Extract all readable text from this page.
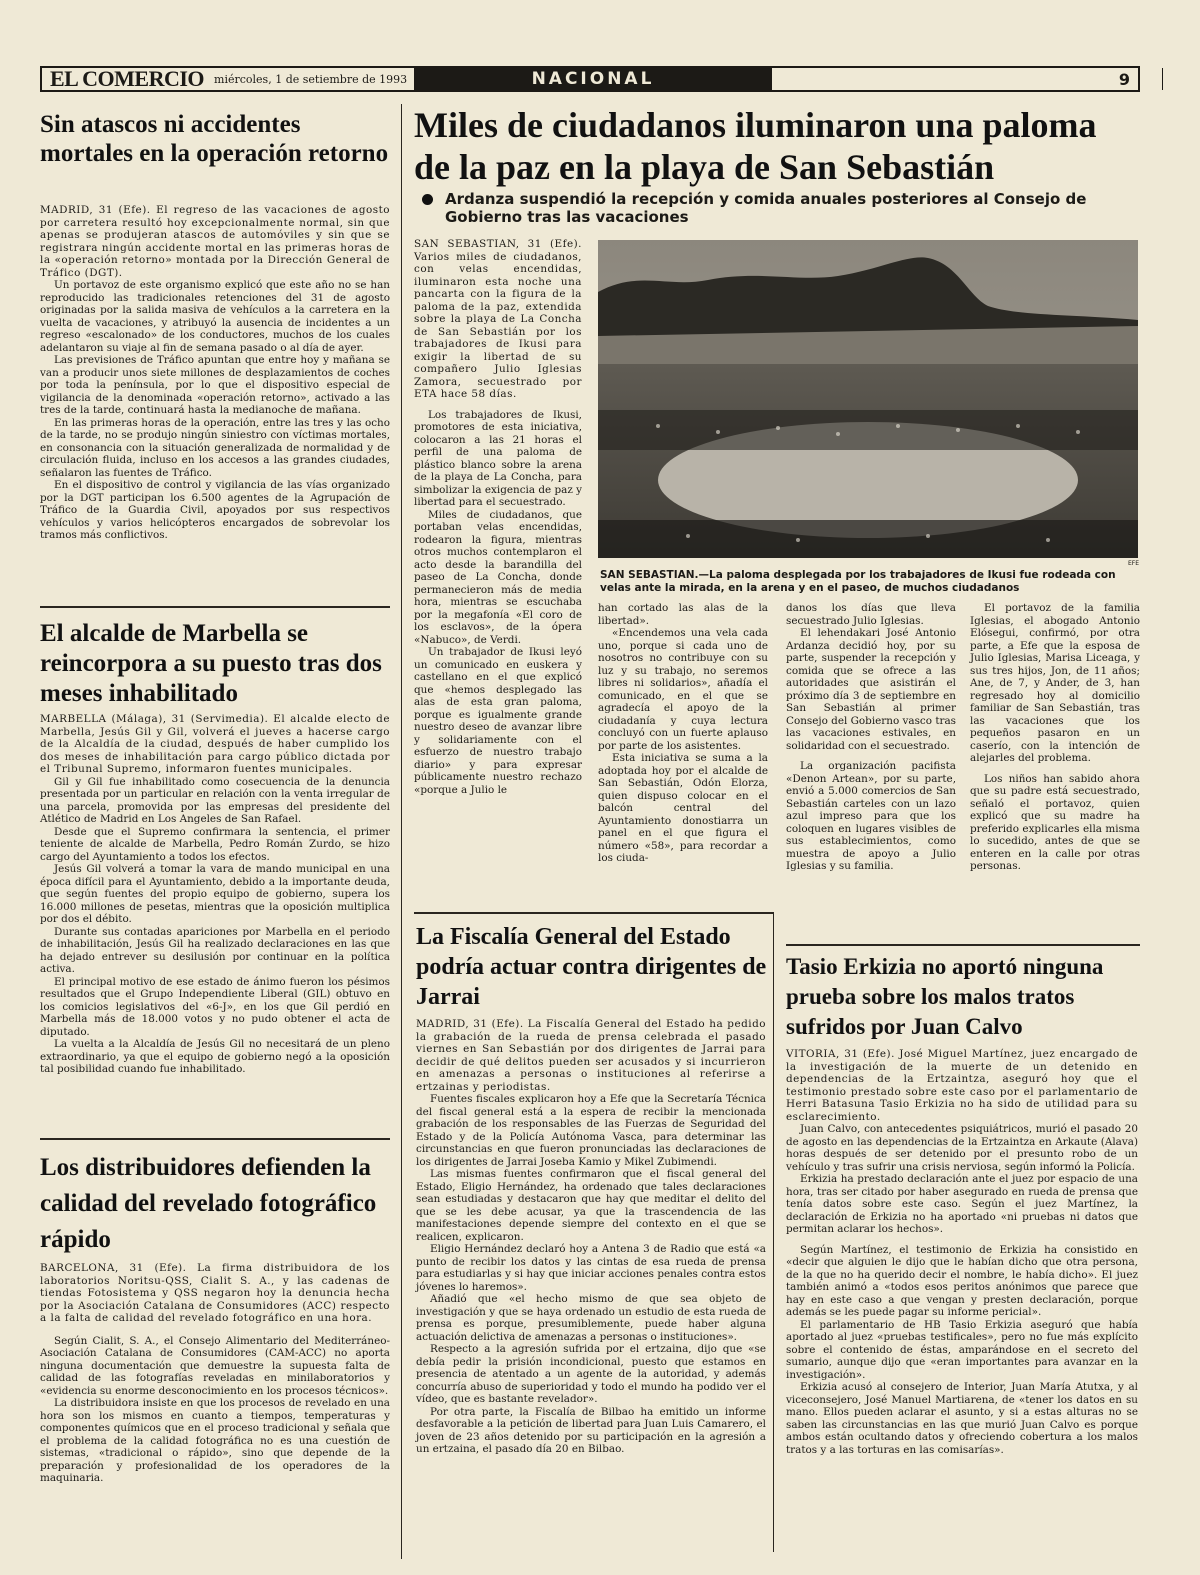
EL COMERCIO miércoles, 1 de setiembre de 1993	NACIONAL	9
Sin atascos ni accidentes mortales en la operación retorno

MADRID, 31 (Efe). El regreso de las vacaciones de agosto por carretera resultó hoy excepcionalmente normal, sin que apenas se produjeran atascos de automóviles y sin que se registrara ningún accidente mortal en las primeras horas de la «operación retorno» montada por la Dirección General de Tráfico (DGT).

Un portavoz de este organismo explicó que este año no se han reproducido las tradicionales retenciones del 31 de agosto originadas por la salida masiva de vehículos a la carretera en la vuelta de vacaciones, y atribuyó la ausencia de incidentes a un regreso «escalonado» de los conductores, muchos de los cuales adelantaron su viaje al fin de semana pasado o al día de ayer.

Las previsiones de Tráfico apuntan que entre hoy y mañana se van a producir unos siete millones de desplazamientos de coches por toda la península, por lo que el dispositivo especial de vigilancia de la denominada «operación retorno», activado a las tres de la tarde, continuará hasta la medianoche de mañana.

En las primeras horas de la operación, entre las tres y las ocho de la tarde, no se produjo ningún siniestro con víctimas mortales, en consonancia con la situación generalizada de normalidad y de circulación fluida, incluso en los accesos a las grandes ciudades, señalaron las fuentes de Tráfico.

En el dispositivo de control y vigilancia de las vías organizado por la DGT participan los 6.500 agentes de la Agrupación de Tráfico de la Guardia Civil, apoyados por sus respectivos vehículos y varios helicópteros encargados de sobrevolar los tramos más conflictivos.

El alcalde de Marbella se reincorpora a su puesto tras dos meses inhabilitado

MARBELLA (Málaga), 31 (Servimedia). El alcalde electo de Marbella, Jesús Gil y Gil, volverá el jueves a hacerse cargo de la Alcaldía de la ciudad, después de haber cumplido los dos meses de inhabilitación para cargo público dictada por el Tribunal Supremo, informaron fuentes municipales.

Gil y Gil fue inhabilitado como cosecuencia de la denuncia presentada por un particular en relación con la venta irregular de una parcela, promovida por las empresas del presidente del Atlético de Madrid en Los Angeles de San Rafael.

Desde que el Supremo confirmara la sentencia, el primer teniente de alcalde de Marbella, Pedro Román Zurdo, se hizo cargo del Ayuntamiento a todos los efectos.

Jesús Gil volverá a tomar la vara de mando municipal en una época difícil para el Ayuntamiento, debido a la importante deuda, que según fuentes del propio equipo de gobierno, supera los 16.000 millones de pesetas, mientras que la oposición multiplica por dos el débito.

Durante sus contadas apariciones por Marbella en el periodo de inhabilitación, Jesús Gil ha realizado declaraciones en las que ha dejado entrever su desilusión por continuar en la política activa.

El principal motivo de ese estado de ánimo fueron los pésimos resultados que el Grupo Independiente Liberal (GIL) obtuvo en los comicios legislativos del «6-J», en los que Gil perdió en Marbella más de 18.000 votos y no pudo obtener el acta de diputado.

La vuelta a la Alcaldía de Jesús Gil no necesitará de un pleno extraordinario, ya que el equipo de gobierno negó a la oposición tal posibilidad cuando fue inhabilitado.

Los distribuidores defienden la calidad del revelado fotográfico rápido

BARCELONA, 31 (Efe). La firma distribuidora de los laboratorios Noritsu-QSS, Cialit S. A., y las cadenas de tiendas Fotosistema y QSS negaron hoy la denuncia hecha por la Asociación Catalana de Consumidores (ACC) respecto a la falta de calidad del revelado fotográfico en una hora.

Según Cialit, S. A., el Consejo Alimentario del Mediterráneo-Asociación Catalana de Consumidores (CAM-ACC) no aporta ninguna documentación que demuestre la supuesta falta de calidad de las fotografías reveladas en minilaboratorios y «evidencia su enorme desconocimiento en los procesos técnicos».

La distribuidora insiste en que los procesos de revelado en una hora son los mismos en cuanto a tiempos, temperaturas y componentes químicos que en el proceso tradicional y señala que el problema de la calidad fotográfica no es una cuestión de sistemas, «tradicional o rápido», sino que depende de la preparación y profesionalidad de los operadores de la maquinaria.

Miles de ciudadanos iluminaron una paloma de la paz en la playa de San Sebastián
Ardanza suspendió la recepción y comida anuales posteriores al Consejo de Gobierno tras las vacaciones

SAN SEBASTIAN, 31 (Efe). Varios miles de ciudadanos, con velas encendidas, iluminaron esta noche una pancarta con la figura de la paloma de la paz, extendida sobre la playa de La Concha de San Sebastián por los trabajadores de Ikusi para exigir la libertad de su compañero Julio Iglesias Zamora, secuestrado por ETA hace 58 días.

Los trabajadores de Ikusi, promotores de esta iniciativa, colocaron a las 21 horas el perfil de una paloma de plástico blanco sobre la arena de la playa de La Concha, para simbolizar la exigencia de paz y libertad para el secuestrado.

Miles de ciudadanos, que portaban velas encendidas, rodearon la figura, mientras otros muchos contemplaron el acto desde la barandilla del paseo de La Concha, donde permanecieron más de media hora, mientras se escuchaba por la megafonía «El coro de los esclavos», de la ópera «Nabuco», de Verdi.

Un trabajador de Ikusi leyó un comunicado en euskera y castellano en el que explicó que «hemos desplegado las alas de esta gran paloma, porque es igualmente grande nuestro deseo de avanzar libre y solidariamente con el esfuerzo de nuestro trabajo diario» y para expresar públicamente nuestro rechazo «porque a Julio le

EFE
SAN SEBASTIAN.—La paloma desplegada por los trabajadores de Ikusi fue rodeada con velas ante la mirada, en la arena y en el paseo, de muchos ciudadanos

han cortado las alas de la libertad».

«Encendemos una vela cada uno, porque si cada uno de nosotros no contribuye con su luz y su trabajo, no seremos libres ni solidarios», añadía el comunicado, en el que se agradecía el apoyo de la ciudadanía y cuya lectura concluyó con un fuerte aplauso por parte de los asistentes.

Esta iniciativa se suma a la adoptada hoy por el alcalde de San Sebastián, Odón Elorza, quien dispuso colocar en el balcón central del Ayuntamiento donostiarra un panel en el que figura el número «58», para recordar a los ciuda-

danos los días que lleva secuestrado Julio Iglesias.

El lehendakari José Antonio Ardanza decidió hoy, por su parte, suspender la recepción y comida que se ofrece a las autoridades que asistirán el próximo día 3 de septiembre en San Sebastián al primer Consejo del Gobierno vasco tras las vacaciones estivales, en solidaridad con el secuestrado.

La organización pacifista «Denon Artean», por su parte, envió a 5.000 comercios de San Sebastián carteles con un lazo azul impreso para que los coloquen en lugares visibles de sus establecimientos, como muestra de apoyo a Julio Iglesias y su familia.

El portavoz de la familia Iglesias, el abogado Antonio Elósegui, confirmó, por otra parte, a Efe que la esposa de Julio Iglesias, Marisa Liceaga, y sus tres hijos, Jon, de 11 años; Ane, de 7, y Ander, de 3, han regresado hoy al domicilio familiar de San Sebastián, tras las vacaciones que los pequeños pasaron en un caserío, con la intención de alejarles del problema.

Los niños han sabido ahora que su padre está secuestrado, señaló el portavoz, quien explicó que su madre ha preferido explicarles ella misma lo sucedido, antes de que se enteren en la calle por otras personas.

La Fiscalía General del Estado podría actuar contra dirigentes de Jarrai

MADRID, 31 (Efe). La Fiscalía General del Estado ha pedido la grabación de la rueda de prensa celebrada el pasado viernes en San Sebastián por dos dirigentes de Jarrai para decidir de qué delitos pueden ser acusados y si incurrieron en amenazas a personas o instituciones al referirse a ertzainas y periodistas.

Fuentes fiscales explicaron hoy a Efe que la Secretaría Técnica del fiscal general está a la espera de recibir la mencionada grabación de los responsables de las Fuerzas de Seguridad del Estado y de la Policía Autónoma Vasca, para determinar las circunstancias en que fueron pronunciadas las declaraciones de los dirigentes de Jarrai Joseba Kamio y Mikel Zubimendi.

Las mismas fuentes confirmaron que el fiscal general del Estado, Eligio Hernández, ha ordenado que tales declaraciones sean estudiadas y destacaron que hay que meditar el delito del que se les debe acusar, ya que la trascendencia de las manifestaciones depende siempre del contexto en el que se realicen, explicaron.

Eligio Hernández declaró hoy a Antena 3 de Radio que está «a punto de recibir los datos y las cintas de esa rueda de prensa para estudiarlas y si hay que iniciar acciones penales contra estos jóvenes lo haremos».

Añadió que «el hecho mismo de que sea objeto de investigación y que se haya ordenado un estudio de esta rueda de prensa es porque, presumiblemente, puede haber alguna actuación delictiva de amenazas a personas o instituciones».

Respecto a la agresión sufrida por el ertzaina, dijo que «se debía pedir la prisión incondicional, puesto que estamos en presencia de atentado a un agente de la autoridad, y además concurría abuso de superioridad y todo el mundo ha podido ver el vídeo, que es bastante revelador».

Por otra parte, la Fiscalía de Bilbao ha emitido un informe desfavorable a la petición de libertad para Juan Luis Camarero, el joven de 23 años detenido por su participación en la agresión a un ertzaina, el pasado día 20 en Bilbao.

Tasio Erkizia no aportó ninguna prueba sobre los malos tratos sufridos por Juan Calvo

VITORIA, 31 (Efe). José Miguel Martínez, juez encargado de la investigación de la muerte de un detenido en dependencias de la Ertzaintza, aseguró hoy que el testimonio prestado sobre este caso por el parlamentario de Herri Batasuna Tasio Erkizia no ha sido de utilidad para su esclarecimiento.

Juan Calvo, con antecedentes psiquiátricos, murió el pasado 20 de agosto en las dependencias de la Ertzaintza en Arkaute (Alava) horas después de ser detenido por el presunto robo de un vehículo y tras sufrir una crisis nerviosa, según informó la Policía.

Erkizia ha prestado declaración ante el juez por espacio de una hora, tras ser citado por haber asegurado en rueda de prensa que tenía datos sobre este caso. Según el juez Martínez, la declaración de Erkizia no ha aportado «ni pruebas ni datos que permitan aclarar los hechos».

Según Martínez, el testimonio de Erkizia ha consistido en «decir que alguien le dijo que le habían dicho que otra persona, de la que no ha querido decir el nombre, le había dicho». El juez también animó a «todos esos peritos anónimos que parece que hay en este caso a que vengan y presten declaración, porque además se les puede pagar su informe pericial».

El parlamentario de HB Tasio Erkizia aseguró que había aportado al juez «pruebas testificales», pero no fue más explícito sobre el contenido de éstas, amparándose en el secreto del sumario, aunque dijo que «eran importantes para avanzar en la investigación».

Erkizia acusó al consejero de Interior, Juan María Atutxa, y al viceconsejero, José Manuel Martiarena, de «tener los datos en su mano. Ellos pueden aclarar el asunto, y si a estas alturas no se saben las circunstancias en las que murió Juan Calvo es porque ambos están ocultando datos y ofreciendo cobertura a los malos tratos y a las torturas en las comisarías».
